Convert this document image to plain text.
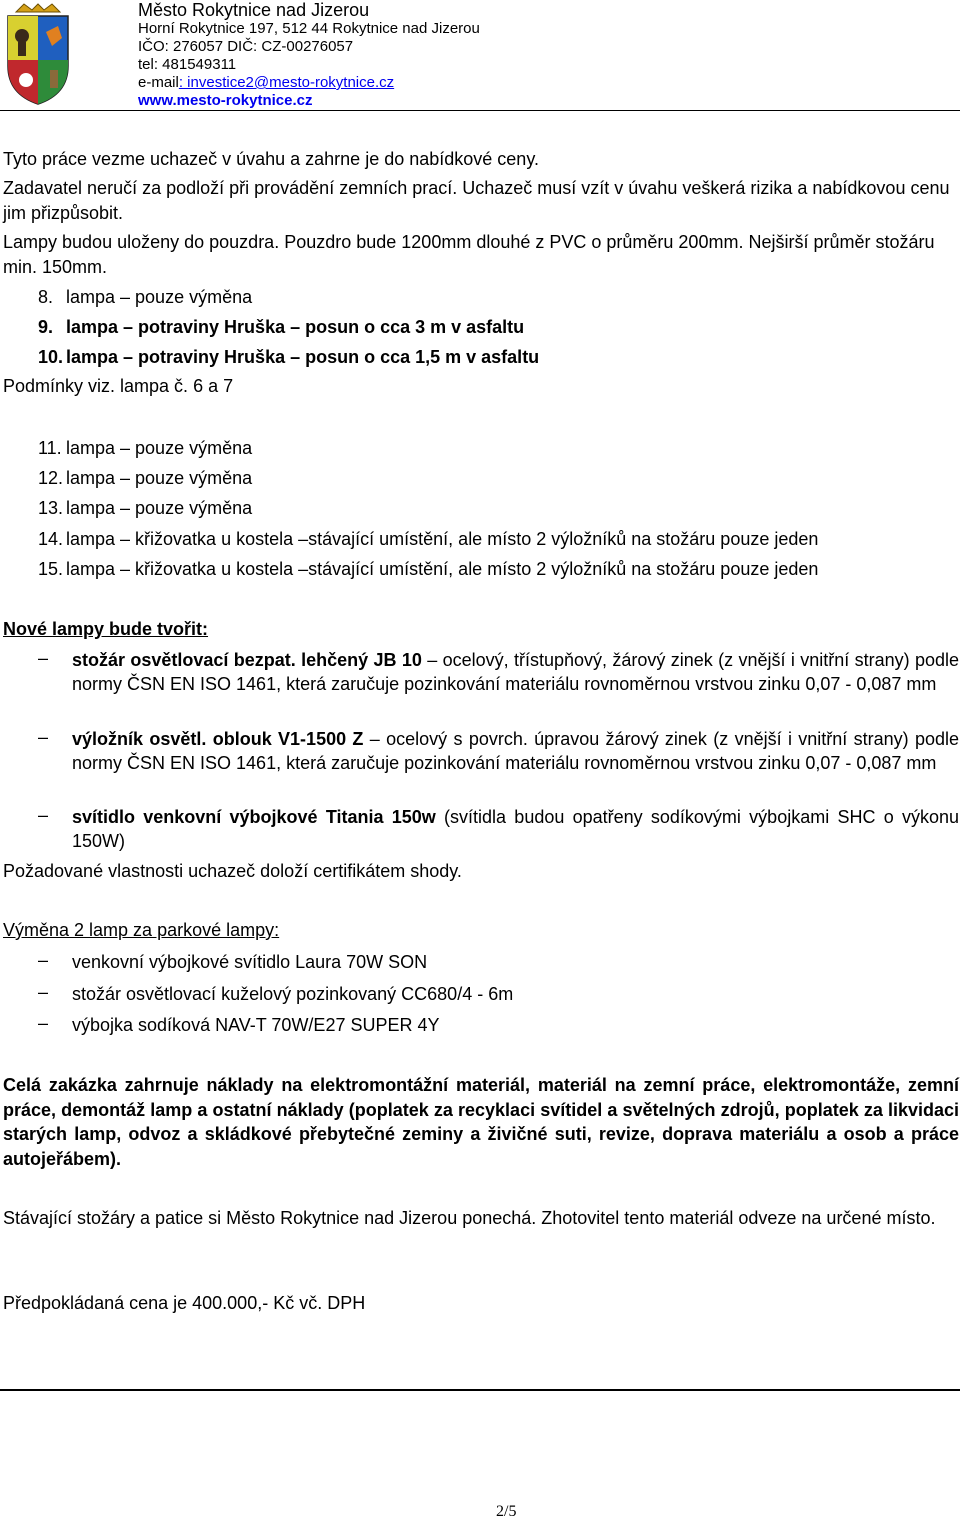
Město Rokytnice nad Jizerou
Horní Rokytnice 197, 512 44 Rokytnice nad Jizerou
IČO: 276057 DIČ: CZ-00276057
tel: 481549311
e-mail: investice2@mesto-rokytnice.cz
www.mesto-rokytnice.cz
Tyto práce vezme uchazeč v úvahu a zahrne je do nabídkové ceny.
Zadavatel neručí za podloží při provádění zemních prací. Uchazeč musí vzít v úvahu veškerá rizika a nabídkovou cenu jim přizpůsobit.
Lampy budou uloženy do pouzdra. Pouzdro bude 1200mm dlouhé z PVC o průměru 200mm. Nejširší průměr stožáru min. 150mm.
8. lampa – pouze výměna
9. lampa – potraviny Hruška – posun o cca 3 m v asfaltu
10. lampa – potraviny Hruška – posun o cca 1,5 m v asfaltu
Podmínky viz. lampa č. 6 a 7
11. lampa – pouze výměna
12. lampa – pouze výměna
13. lampa – pouze výměna
14. lampa – křižovatka u kostela –stávající umístění, ale místo 2 výložníků na stožáru pouze jeden
15. lampa – křižovatka u kostela –stávající umístění, ale místo 2 výložníků na stožáru pouze jeden
Nové lampy bude tvořit:
– stožár osvětlovací bezpat. lehčený JB 10 – ocelový, třístupňový, žárový zinek (z vnější i vnitřní strany) podle normy ČSN EN ISO 1461, která zaručuje pozinkování materiálu rovnoměrnou vrstvou zinku 0,07 - 0,087 mm
– výložník osvětl. oblouk V1-1500 Z – ocelový s povrch. úpravou žárový zinek (z vnější i vnitřní strany) podle normy ČSN EN ISO 1461, která zaručuje pozinkování materiálu rovnoměrnou vrstvou zinku 0,07 - 0,087 mm
– svítidlo venkovní výbojkové Titania 150w (svítidla budou opatřeny sodíkovými výbojkami SHC o výkonu 150W)
Požadované vlastnosti uchazeč doloží certifikátem shody.
Výměna 2 lamp za parkové lampy:
– venkovní výbojkové svítidlo Laura 70W SON
– stožár osvětlovací kuželový pozinkovaný CC680/4 - 6m
– výbojka sodíková NAV-T 70W/E27 SUPER 4Y
Celá zakázka zahrnuje náklady na elektromontážní materiál, materiál na zemní práce, elektromontáže, zemní práce, demontáž lamp a ostatní náklady (poplatek za recyklaci svítidel a světelných zdrojů, poplatek za likvidaci starých lamp, odvoz a skládkové přebytečné zeminy a živičné suti, revize, doprava materiálu a osob a práce autojeřábem).
Stávající stožáry a patice si Město Rokytnice nad Jizerou ponechá. Zhotovitel tento materiál odveze na určené místo.
Předpokládaná cena je 400.000,- Kč vč. DPH
2/5
